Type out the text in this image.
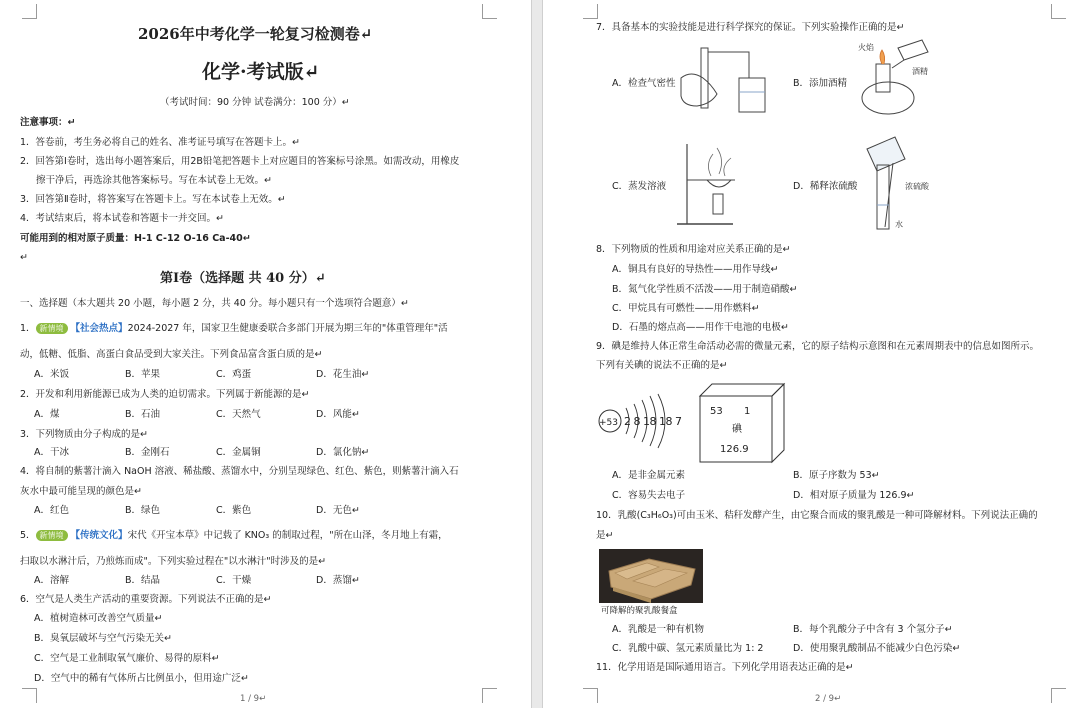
2026年中考化学一轮复习检测卷↵
化学·考试版↵
（考试时间：90 分钟 试卷满分：100 分）↵
注意事项：↵
1．答卷前，考生务必将自己的姓名、准考证号填写在答题卡上。↵
2．回答第Ⅰ卷时，选出每小题答案后，用2B铅笔把答题卡上对应题目的答案标号涂黑。如需改动，用橡皮
擦干净后，再选涂其他答案标号。写在本试卷上无效。↵
3．回答第Ⅱ卷时，将答案写在答题卡上。写在本试卷上无效。↵
4．考试结束后，将本试卷和答题卡一并交回。↵
可能用到的相对原子质量：H-1 C-12 O-16 Ca-40↵
↵
第Ⅰ卷（选择题 共 40 分）↵
一、选择题（本大题共 20 小题，每小题 2 分，共 40 分。每小题只有一个选项符合题意）↵
1． 新情境 【社会热点】2024-2027 年，国家卫生健康委联合多部门开展为期三年的"体重管理年"活
动，低糖、低脂、高蛋白食品受到大家关注。下列食品富含蛋白质的是↵
A．米饭	B．苹果	C．鸡蛋	D．花生油↵
2．开发和利用新能源已成为人类的迫切需求。下列属于新能源的是↵
A．煤	B．石油	C．天然气	D．风能↵
3．下列物质由分子构成的是↵
A．干冰	B．金刚石	C．金属铜	D．氯化钠↵
4．将自制的紫薯汁滴入 NaOH 溶液、稀盐酸、蒸馏水中，分别呈现绿色、红色、紫色，则紫薯汁滴入石
灰水中最可能呈现的颜色是↵
A．红色	B．绿色	C．紫色	D．无色↵
5． 新情境 【传统文化】宋代《开宝本草》中记载了 KNO₃ 的制取过程，"所在山泽，冬月地上有霜，
扫取以水淋汁后，乃煎炼而成"。下列实验过程在"以水淋汁"时涉及的是↵
A．溶解	B．结晶	C．干燥	D．蒸馏↵
6．空气是人类生产活动的重要资源。下列说法不正确的是↵
A．植树造林可改善空气质量↵
B．臭氧层破坏与空气污染无关↵
C．空气是工业制取氧气廉价、易得的原料↵
D．空气中的稀有气体所占比例虽小，但用途广泛↵
1 / 9↵
7．具备基本的实验技能是进行科学探究的保证。下列实验操作正确的是↵
A．检查气密性
火焰
酒精
B．添加酒精
C．蒸发溶液	浓硫酸
水
D．稀释浓硫酸
8．下列物质的性质和用途对应关系正确的是↵
A．铜具有良好的导热性——用作导线↵
B．氮气化学性质不活泼——用于制造硝酸↵
C．甲烷具有可燃性——用作燃料↵
D．石墨的熔点高——用作干电池的电极↵
9．碘是维持人体正常生命活动必需的微量元素，它的原子结构示意图和在元素周期表中的信息如图所示。
下列有关碘的说法不正确的是↵
+53 2 8 18 18 7
53 1
碘
126.9
A．是非金属元素	B．原子序数为 53↵
C．容易失去电子	D．相对原子质量为 126.9↵
10．乳酸(C₃H₆O₃)可由玉米、秸秆发酵产生，由它聚合而成的聚乳酸是一种可降解材料。下列说法正确的
是↵
可降解的聚乳酸餐盒
A．乳酸是一种有机物	B．每个乳酸分子中含有 3 个氢分子↵
C．乳酸中碳、氢元素质量比为 1: 2	D．使用聚乳酸制品不能减少白色污染↵
11．化学用语是国际通用语言。下列化学用语表达正确的是↵
2 / 9↵
